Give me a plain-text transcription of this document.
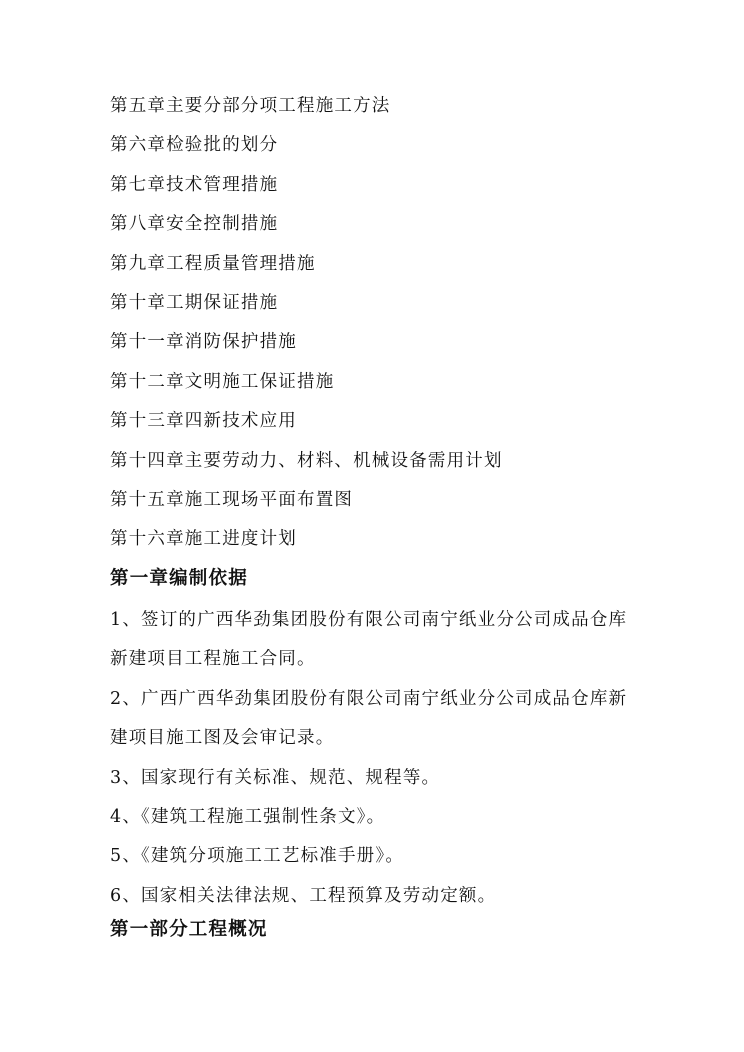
第五章主要分部分项工程施工方法
第六章检验批的划分
第七章技术管理措施
第八章安全控制措施
第九章工程质量管理措施
第十章工期保证措施
第十一章消防保护措施
第十二章文明施工保证措施
第十三章四新技术应用
第十四章主要劳动力、材料、机械设备需用计划
第十五章施工现场平面布置图
第十六章施工进度计划
第一章编制依据

1、签订的广西华劲集团股份有限公司南宁纸业分公司成品仓库

新建项目工程施工合同。

2、广西广西华劲集团股份有限公司南宁纸业分公司成品仓库新

建项目施工图及会审记录。

3、国家现行有关标准、规范、规程等。

4、《建筑工程施工强制性条文》。

5、《建筑分项施工工艺标准手册》。

6、国家相关法律法规、工程预算及劳动定额。

第一部分工程概况
